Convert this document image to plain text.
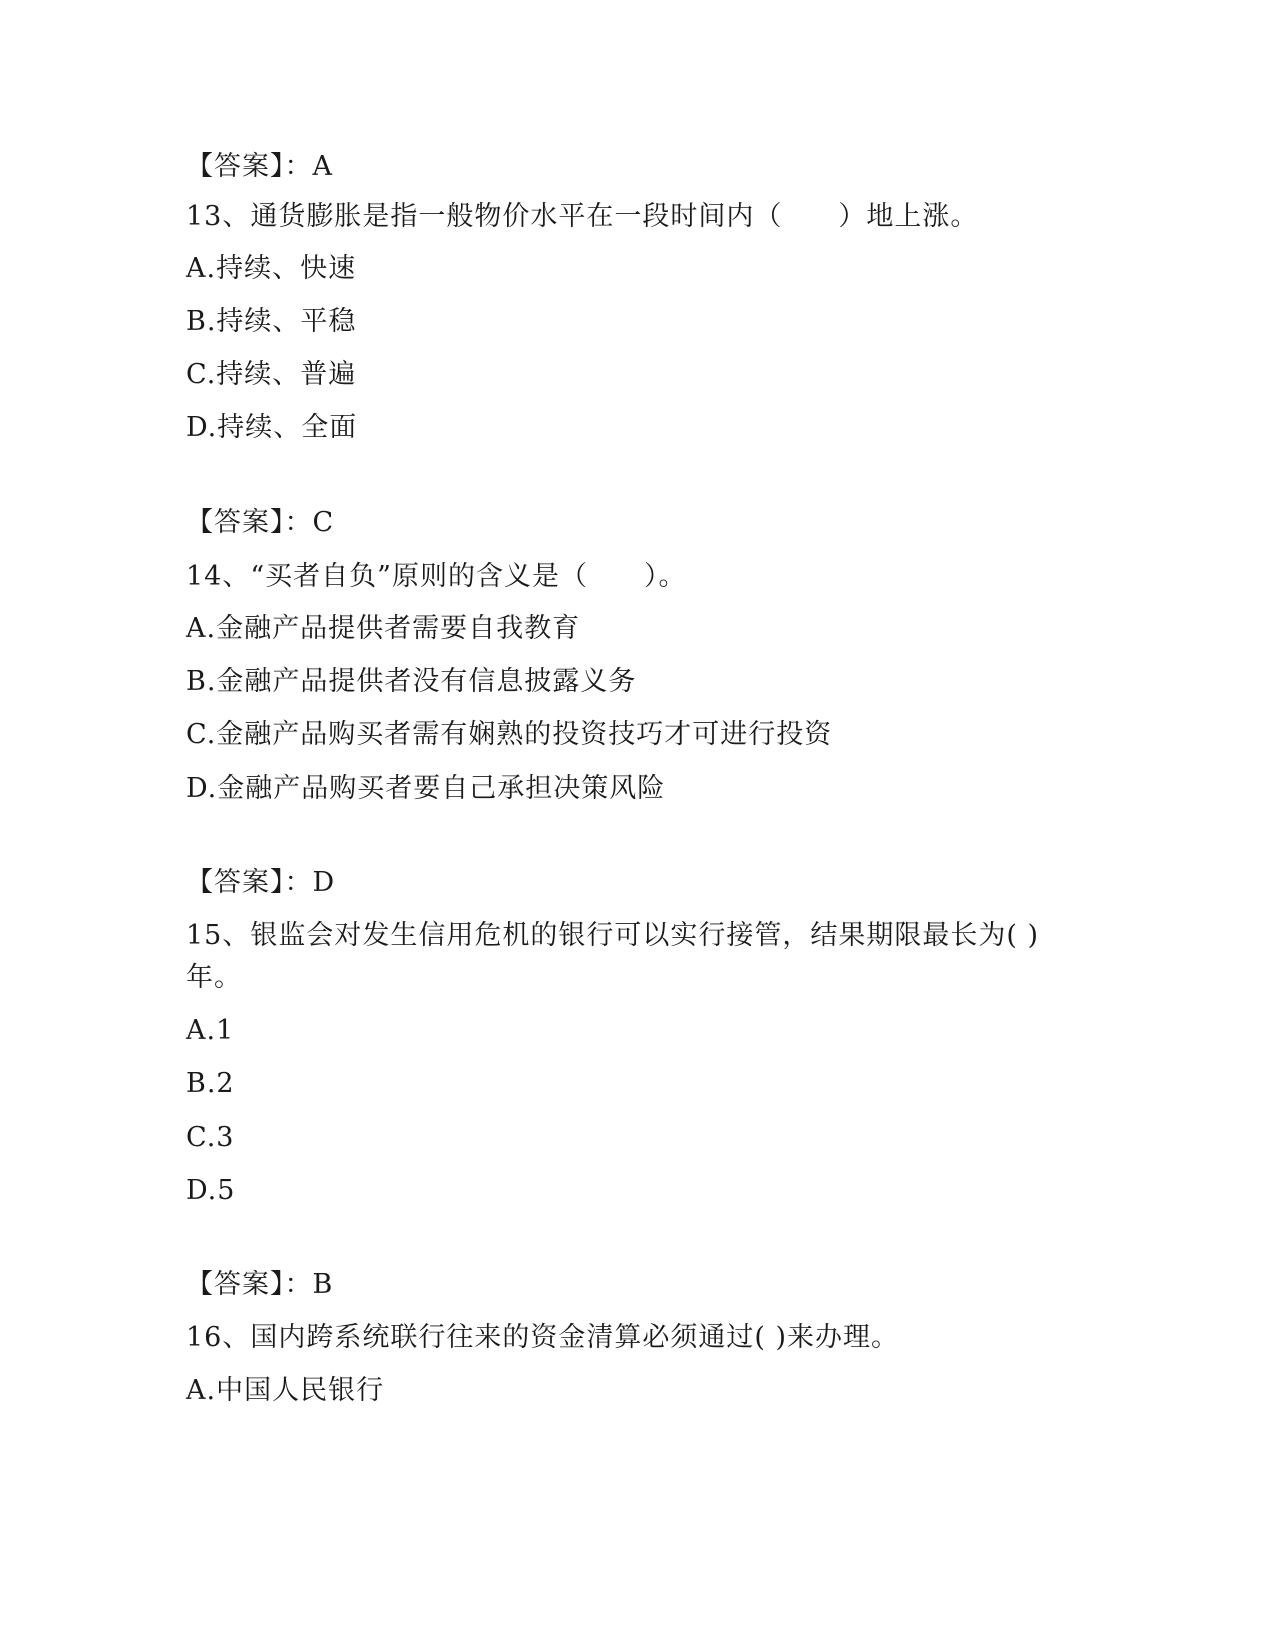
【答案】：A
13、通货膨胀是指一般物价水平在一段时间内（　　）地上涨。
A.持续、快速
B.持续、平稳
C.持续、普遍
D.持续、全面
【答案】：C
14、“买者自负”原则的含义是（　　）。
A.金融产品提供者需要自我教育
B.金融产品提供者没有信息披露义务
C.金融产品购买者需有娴熟的投资技巧才可进行投资
D.金融产品购买者要自己承担决策风险
【答案】：D
15、银监会对发生信用危机的银行可以实行接管，结果期限最长为( )年。
A.1
B.2
C.3
D.5
【答案】：B
16、国内跨系统联行往来的资金清算必须通过( )来办理。
A.中国人民银行
